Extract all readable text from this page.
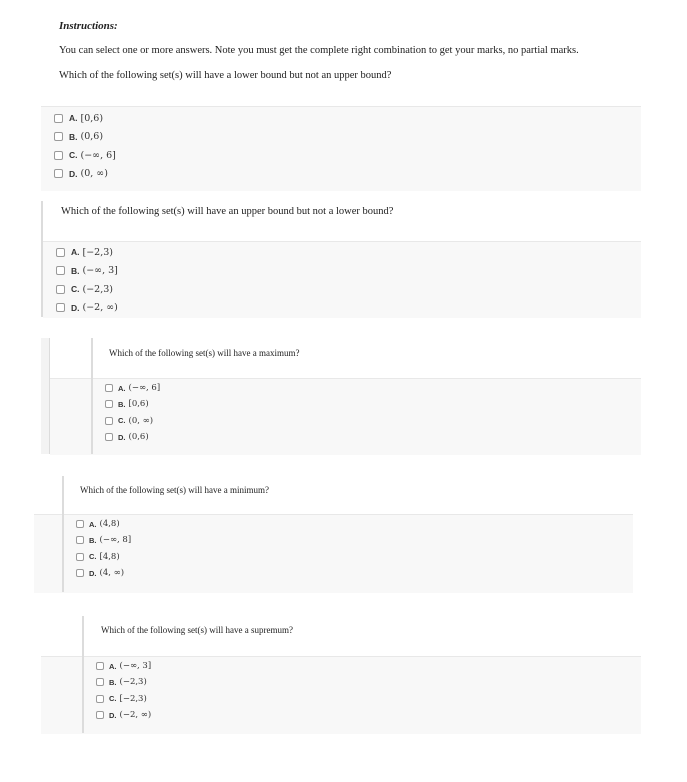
Instructions:
You can select one or more answers. Note you must get the complete right combination to get your marks, no partial marks.
Which of the following set(s) will have a lower bound but not an upper bound?
A. [0,6)
B. (0,6)
C. (−∞, 6]
D. (0, ∞)
Which of the following set(s) will have an upper bound but not a lower bound?
A. [−2,3)
B. (−∞, 3]
C. (−2,3)
D. (−2, ∞)
Which of the following set(s) will have a maximum?
A. (−∞, 6]
B. [0,6)
C. (0, ∞)
D. (0,6)
Which of the following set(s) will have a minimum?
A. (4,8)
B. (−∞, 8]
C. [4,8)
D. (4, ∞)
Which of the following set(s) will have a supremum?
A. (−∞, 3]
B. (−2,3)
C. [−2,3)
D. (−2, ∞)
